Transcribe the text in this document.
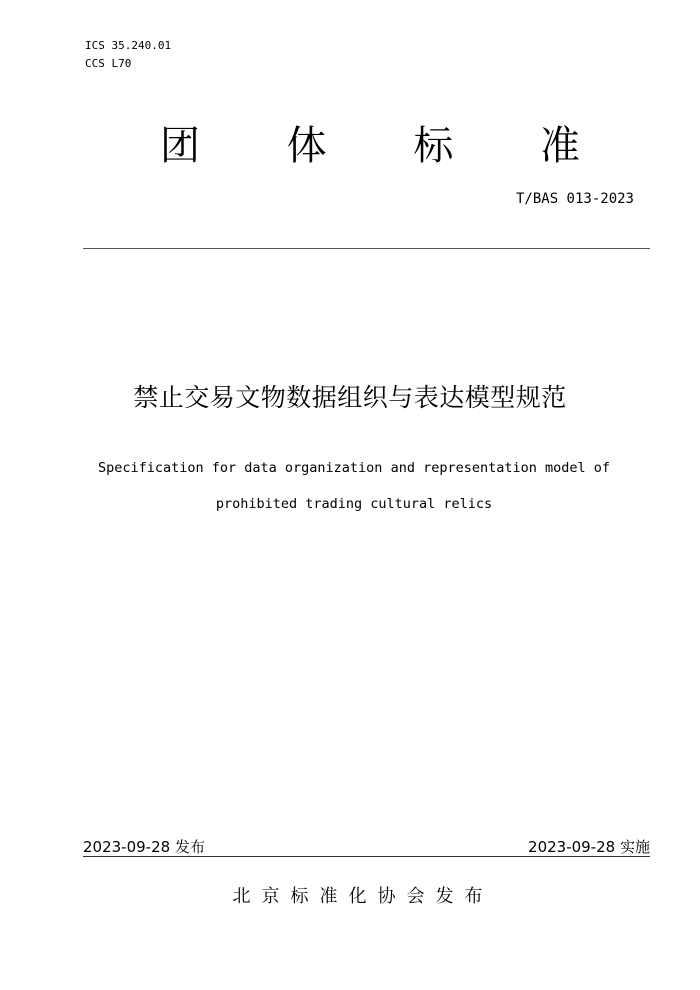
ICS 35.240.01
CCS L70
团 体 标 准
T/BAS 013-2023
禁止交易文物数据组织与表达模型规范
Specification for data organization and representation model of
prohibited trading cultural relics
2023-09-28 发布	2023-09-28 实施
北京标准化协会发布
